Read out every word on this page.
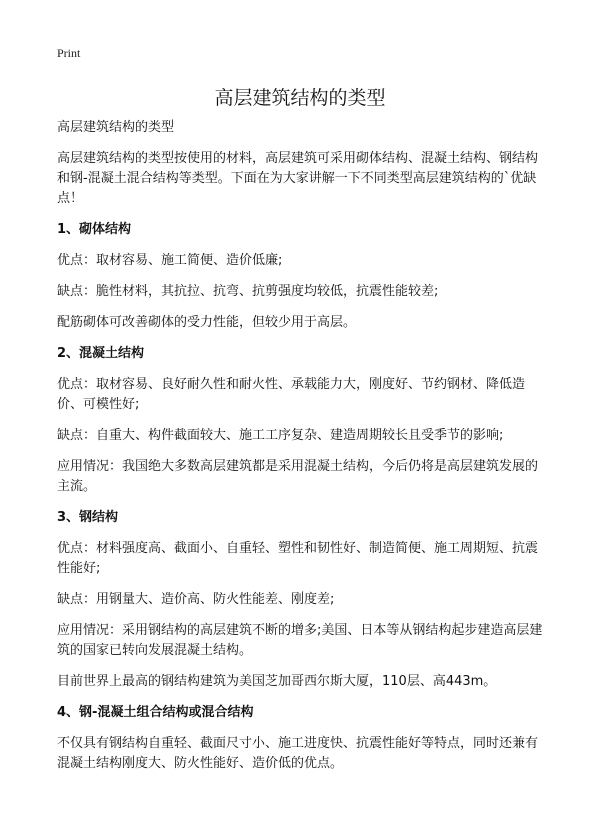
Print
高层建筑结构的类型

高层建筑结构的类型

高层建筑结构的类型按使用的材料，高层建筑可采用砌体结构、混凝土结构、钢结构和钢-混凝土混合结构等类型。下面在为大家讲解一下不同类型高层建筑结构的`优缺点！

1、砌体结构

优点：取材容易、施工简便、造价低廉;

缺点：脆性材料，其抗拉、抗弯、抗剪强度均较低，抗震性能较差;

配筋砌体可改善砌体的受力性能，但较少用于高层。

2、混凝土结构

优点：取材容易、良好耐久性和耐火性、承载能力大，刚度好、节约钢材、降低造价、可模性好;

缺点：自重大、构件截面较大、施工工序复杂、建造周期较长且受季节的影响;

应用情况：我国绝大多数高层建筑都是采用混凝土结构，今后仍将是高层建筑发展的主流。

3、钢结构

优点：材料强度高、截面小、自重轻、塑性和韧性好、制造简便、施工周期短、抗震性能好;

缺点：用钢量大、造价高、防火性能差、刚度差;

应用情况：采用钢结构的高层建筑不断的增多;美国、日本等从钢结构起步建造高层建筑的国家已转向发展混凝土结构。

目前世界上最高的钢结构建筑为美国芝加哥西尔斯大厦，110层、高443m。

4、钢-混凝土组合结构或混合结构

不仅具有钢结构自重轻、截面尺寸小、施工进度快、抗震性能好等特点，同时还兼有混凝土结构刚度大、防火性能好、造价低的优点。
